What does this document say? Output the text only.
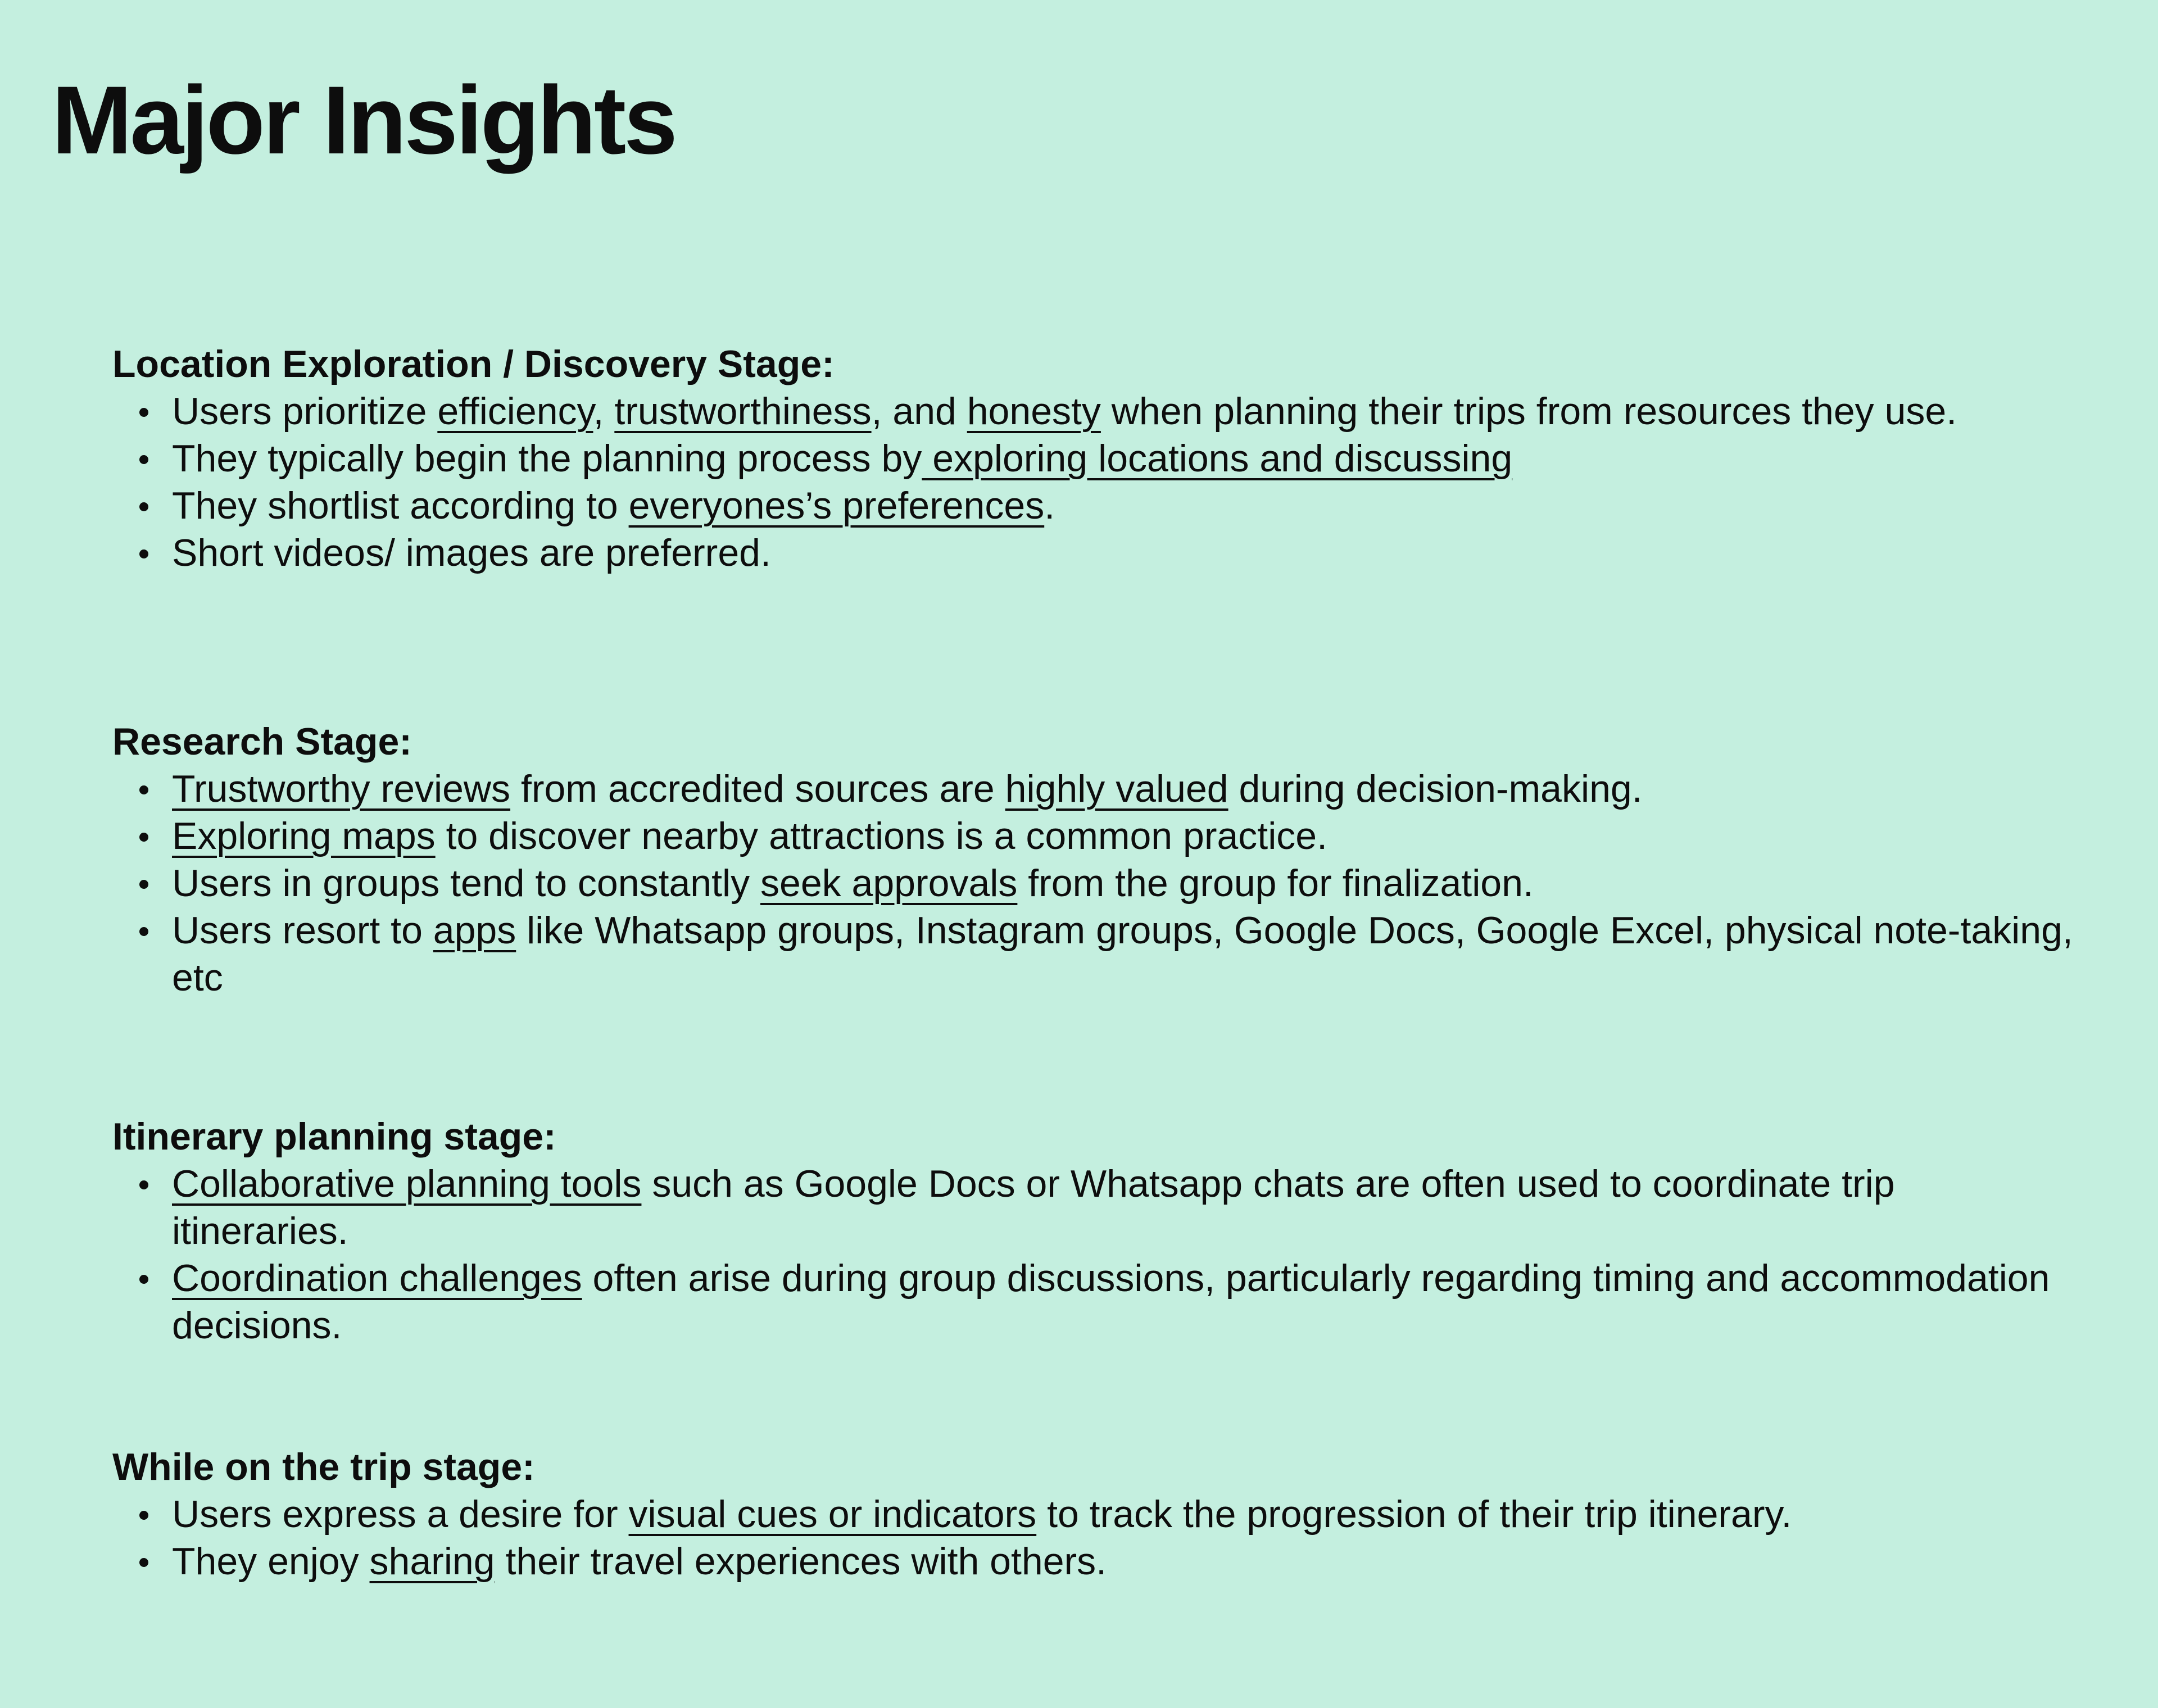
Major Insights
Location Exploration / Discovery Stage:
Users prioritize efficiency, trustworthiness, and honesty when planning their trips from resources they use.
They typically begin the planning process by exploring locations and discussing
They shortlist according to everyones’s preferences.
Short videos/ images are preferred.
Research Stage:
Trustworthy reviews from accredited sources are highly valued during decision-making.
Exploring maps to discover nearby attractions is a common practice.
Users in groups tend to constantly seek approvals from the group for finalization.
Users resort to apps like Whatsapp groups, Instagram groups, Google Docs, Google Excel, physical note-taking, etc
Itinerary planning stage:
Collaborative planning tools such as Google Docs or Whatsapp chats are often used to coordinate trip itineraries.
Coordination challenges often arise during group discussions, particularly regarding timing and accommodation decisions.
While on the trip stage:
Users express a desire for visual cues or indicators to track the progression of their trip itinerary.
They enjoy sharing their travel experiences with others.
